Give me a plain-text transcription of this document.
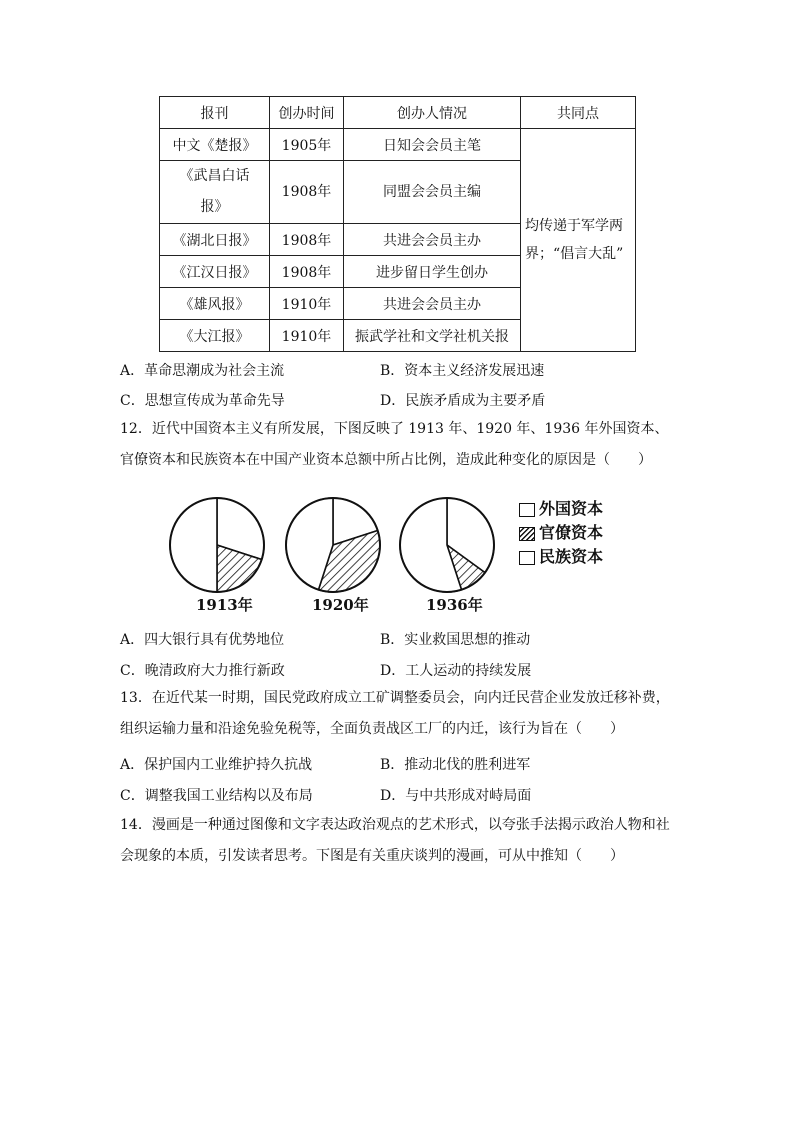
报刊	创办时间	创办人情况	共同点
中文《楚报》	1905年	日知会会员主笔	均传递于军学两界；“倡言大乱”
《武昌白话报》	1908年	同盟会会员主编	
《湖北日报》	1908年	共进会会员主办	
《江汉日报》	1908年	进步留日学生创办	
《雄风报》	1910年	共进会会员主办	
《大江报》	1910年	振武学社和文学社机关报	
A．革命思潮成为社会主流	B．资本主义经济发展迅速
C．思想宣传成为革命先导	D．民族矛盾成为主要矛盾
12．近代中国资本主义有所发展，下图反映了 1913 年、1920 年、1936 年外国资本、官僚资本和民族资本在中国产业资本总额中所占比例，造成此种变化的原因是（　　）
1913年	1920年	1936年
外国资本
官僚资本
民族资本
A．四大银行具有优势地位	B．实业救国思想的推动
C．晚清政府大力推行新政	D．工人运动的持续发展
13．在近代某一时期，国民党政府成立工矿调整委员会，向内迁民营企业发放迁移补费，组织运输力量和沿途免验免税等，全面负责战区工厂的内迁，该行为旨在（　　）
A．保护国内工业维护持久抗战	B．推动北伐的胜利进军
C．调整我国工业结构以及布局	D．与中共形成对峙局面
14．漫画是一种通过图像和文字表达政治观点的艺术形式，以夸张手法揭示政治人物和社会现象的本质，引发读者思考。下图是有关重庆谈判的漫画，可从中推知（　　）
